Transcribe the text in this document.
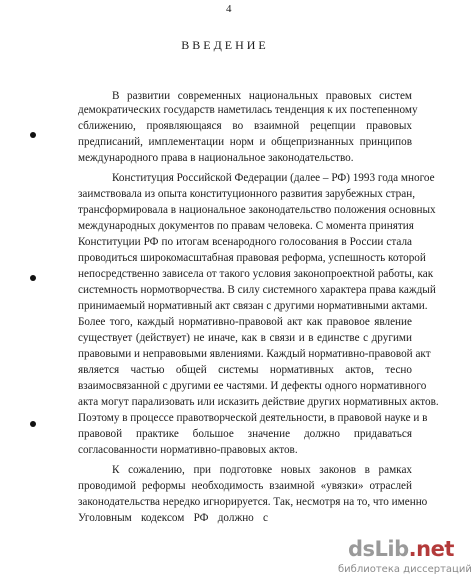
4
ВВЕДЕНИЕ
В развитии современных национальных правовых систем
демократических государств наметилась тенденция к их постепенному
сближению, проявляющаяся во взаимной рецепции правовых
предписаний, имплементации норм и общепризнанных принципов
международного права в национальное законодательство.
Конституция Российской Федерации (далее – РФ) 1993 года многое
заимствовала из опыта конституционного развития зарубежных стран,
трансформировала в национальное законодательство положения основных
международных документов по правам человека. С момента принятия
Конституции РФ по итогам всенародного голосования в России стала
проводиться широкомасштабная правовая реформа, успешность которой
непосредственно зависела от такого условия законопроектной работы, как
системность нормотворчества. В силу системного характера права каждый
принимаемый нормативный акт связан с другими нормативными актами.
Более того, каждый нормативно-правовой акт как правовое явление
существует (действует) не иначе, как в связи и в единстве с другими
правовыми и неправовыми явлениями. Каждый нормативно-правовой акт
является частью общей системы нормативных актов, тесно
взаимосвязанной с другими ее частями. И дефекты одного нормативного
акта могут парализовать или исказить действие других нормативных актов.
Поэтому в процессе правотворческой деятельности, в правовой науке и в
правовой практике большое значение должно придаваться
согласованности нормативно-правовых актов.
К сожалению, при подготовке новых законов в рамках
проводимой реформы необходимость взаимной «увязки» отраслей
законодательства нередко игнорируется. Так, несмотря на то, что именно
Уголовным кодексом РФ должно с
dsLib.net
библиотека диссертаций
